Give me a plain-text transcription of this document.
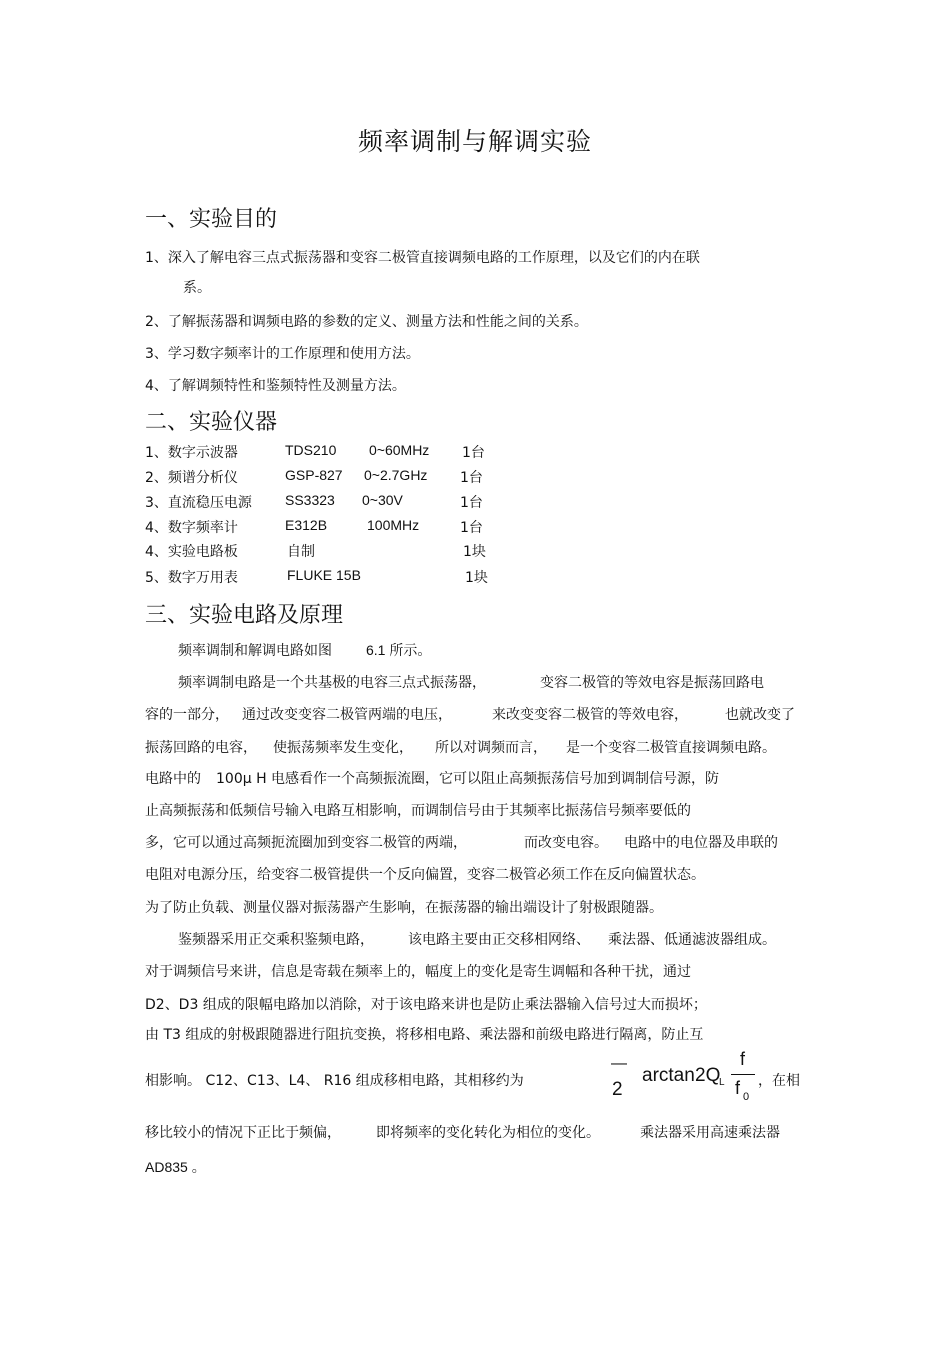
频率调制与解调实验
一、实验目的
1、深入了解电容三点式振荡器和变容二极管直接调频电路的工作原理，以及它们的内在联
系。
2、了解振荡器和调频电路的参数的定义、测量方法和性能之间的关系。
3、学习数字频率计的工作原理和使用方法。
4、了解调频特性和鉴频特性及测量方法。
二、实验仪器
1、数字示波器	TDS210 0~60MHz 1台
2、频谱分析仪	GSP-827 0~2.7GHz 1台
3、直流稳压电源 SS3323 0~30V	1台
4、数字频率计	E312B	100MHz	1台
4、实验电路板	自制	1块
5、数字万用表	FLUKE 15B	1块
三、实验电路及原理
频率调制和解调电路如图 6.1 所示。
频率调制电路是一个共基极的电容三点式振荡器，	变容二极管的等效电容是振荡回路电
容的一部分， 通过改变变容二极管两端的电压，	来改变变容二极管的等效电容，	也就改变了
振荡回路的电容， 使振荡频率发生变化， 所以对调频而言， 是一个变容二极管直接调频电路。
电路中的 100μ H 电感看作一个高频振流圈，它可以阻止高频振荡信号加到调制信号源，防
止高频振荡和低频信号输入电路互相影响，而调制信号由于其频率比振荡信号频率要低的
多，它可以通过高频扼流圈加到变容二极管的两端，	而改变电容。 电路中的电位器及串联的
电阻对电源分压，给变容二极管提供一个反向偏置，变容二极管必须工作在反向偏置状态。
为了防止负载、测量仪器对振荡器产生影响，在振荡器的输出端设计了射极跟随器。
鉴频器采用正交乘积鉴频电路， 该电路主要由正交移相网络、 乘法器、低通滤波器组成。
对于调频信号来讲，信息是寄载在频率上的，幅度上的变化是寄生调幅和各种干扰，通过
D2、D3 组成的限幅电路加以消除，对于该电路来讲也是防止乘法器输入信号过大而损坏；
由 T3 组成的射极跟随器进行阻抗变换，将移相电路、乘法器和前级电路进行隔离，防止互
相影响。 C12、C13、L4、 R16 组成移相电路，其相移约为
—
2
arctan 2Q
L
f
f 0
，在相
移比较小的情况下正比于频偏，	即将频率的变化转化为相位的变化。	乘法器采用高速乘法器
AD835 。
